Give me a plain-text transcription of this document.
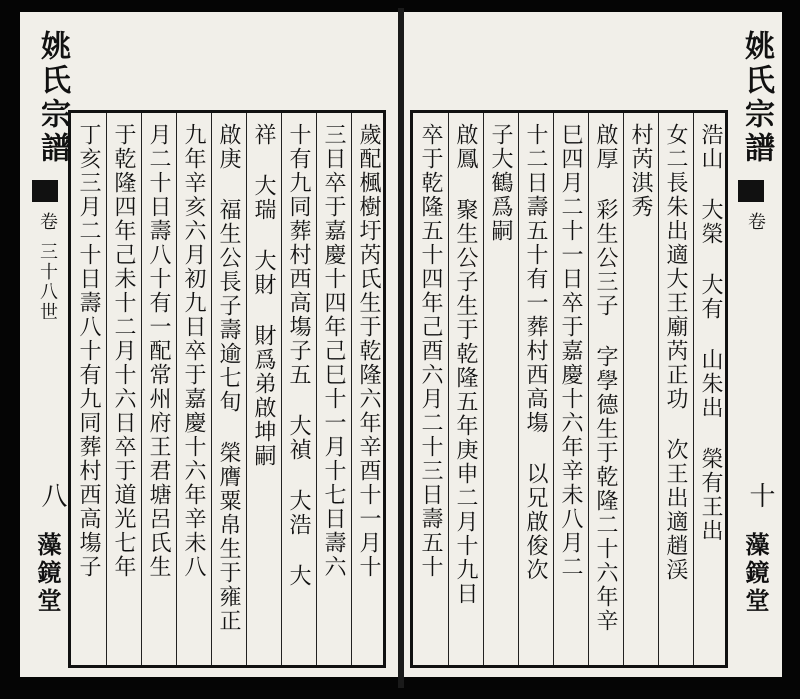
姚氏宗譜
卷
三十八世
八
藻鏡堂	歲配楓樹圩芮氏生于乾隆六年辛酉十一月十
三日卒于嘉慶十四年己巳十一月十七日壽六
十有九同葬村西高塲子五 大禎 大浩 大
祥 大瑞 大財 財爲弟啟坤嗣
啟庚 福生公長子壽逾七旬 榮膺粟帛生于雍正
九年辛亥六月初九日卒于嘉慶十六年辛未八
月二十日壽八十有一配常州府王君塘呂氏生
于乾隆四年己未十二月十六日卒于道光七年
丁亥三月二十日壽八十有九同葬村西高塲子	浩山 大榮 大有 山朱出 榮有王出
女二長朱出適大王廟芮正功 次王出適趙渓
村芮淇秀
啟厚 彩生公三子 字學德生于乾隆二十六年辛
巳四月二十一日卒于嘉慶十六年辛未八月二
十二日壽五十有一葬村西高塲 以兄啟俊次
子大鶴爲嗣
啟鳳 聚生公子生于乾隆五年庚申二月十九日
卒于乾隆五十四年己酉六月二十三日壽五十
姚氏宗譜
卷
十
藻鏡堂
